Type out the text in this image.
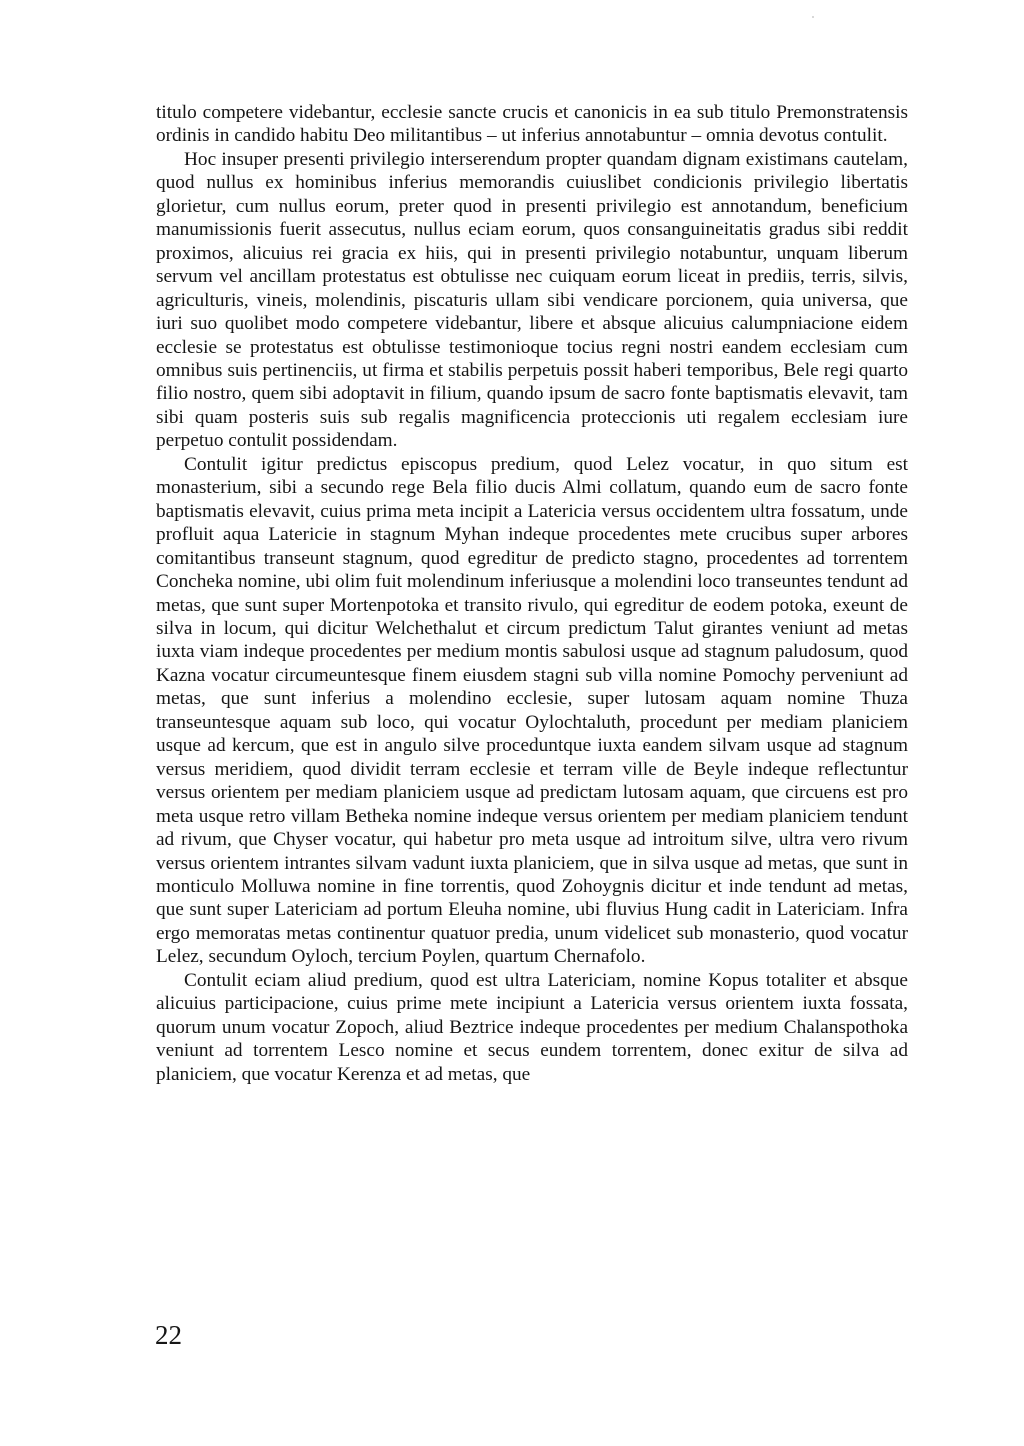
titulo competere videbantur, ecclesie sancte crucis et canonicis in ea sub titulo Premonstratensis ordinis in candido habitu Deo militantibus – ut inferius annotabuntur – omnia devotus contulit.

Hoc insuper presenti privilegio interserendum propter quandam dignam existimans cautelam, quod nullus ex hominibus inferius memorandis cuiuslibet condicionis privilegio libertatis glorietur, cum nullus eorum, preter quod in presenti privilegio est annotandum, beneficium manumissionis fuerit assecutus, nullus eciam eorum, quos consanguineitatis gradus sibi reddit proximos, alicuius rei gracia ex hiis, qui in presenti privilegio notabuntur, unquam liberum servum vel ancillam protestatus est obtulisse nec cuiquam eorum liceat in prediis, terris, silvis, agriculturis, vineis, molendinis, piscaturis ullam sibi vendicare porcionem, quia universa, que iuri suo quolibet modo competere videbantur, libere et absque alicuius calumpniacione eidem ecclesie se protestatus est obtulisse testimonioque tocius regni nostri eandem ecclesiam cum omnibus suis pertinenciis, ut firma et stabilis perpetuis possit haberi temporibus, Bele regi quarto filio nostro, quem sibi adoptavit in filium, quando ipsum de sacro fonte baptismatis elevavit, tam sibi quam posteris suis sub regalis magnificencia proteccionis uti regalem ecclesiam iure perpetuo contulit possidendam.

Contulit igitur predictus episcopus predium, quod Lelez vocatur, in quo situm est monasterium, sibi a secundo rege Bela filio ducis Almi collatum, quando eum de sacro fonte baptismatis elevavit, cuius prima meta incipit a Latericia versus occidentem ultra fossatum, unde profluit aqua Latericie in stagnum Myhan indeque procedentes mete crucibus super arbores comitantibus transeunt stagnum, quod egreditur de predicto stagno, procedentes ad torrentem Concheka nomine, ubi olim fuit molendinum inferiusque a molendini loco transeuntes tendunt ad metas, que sunt super Mortenpotoka et transito rivulo, qui egreditur de eodem potoka, exeunt de silva in locum, qui dicitur Welchethalut et circum predictum Talut girantes veniunt ad metas iuxta viam indeque procedentes per medium montis sabulosi usque ad stagnum paludosum, quod Kazna vocatur circumeuntesque finem eiusdem stagni sub villa nomine Pomochy perveniunt ad metas, que sunt inferius a molendino ecclesie, super lutosam aquam nomine Thuza transeuntesque aquam sub loco, qui vocatur Oylochtaluth, procedunt per mediam planiciem usque ad kercum, que est in angulo silve proceduntque iuxta eandem silvam usque ad stagnum versus meridiem, quod dividit terram ecclesie et terram ville de Beyle indeque reflectuntur versus orientem per mediam planiciem usque ad predictam lutosam aquam, que circuens est pro meta usque retro villam Betheka nomine indeque versus orientem per mediam planiciem tendunt ad rivum, que Chyser vocatur, qui habetur pro meta usque ad introitum silve, ultra vero rivum versus orientem intrantes silvam vadunt iuxta planiciem, que in silva usque ad metas, que sunt in monticulo Molluwa nomine in fine torrentis, quod Zohoygnis dicitur et inde tendunt ad metas, que sunt super Latericiam ad portum Eleuha nomine, ubi fluvius Hung cadit in Latericiam. Infra ergo memoratas metas continentur quatuor predia, unum videlicet sub monasterio, quod vocatur Lelez, secundum Oyloch, tercium Poylen, quartum Chernafolo.

Contulit eciam aliud predium, quod est ultra Latericiam, nomine Kopus totaliter et absque alicuius participacione, cuius prime mete incipiunt a Latericia versus orientem iuxta fossata, quorum unum vocatur Zopoch, aliud Beztrice indeque procedentes per medium Chalanspothoka veniunt ad torrentem Lesco nomine et secus eundem torrentem, donec exitur de silva ad planiciem, que vocatur Kerenza et ad metas, que

22
